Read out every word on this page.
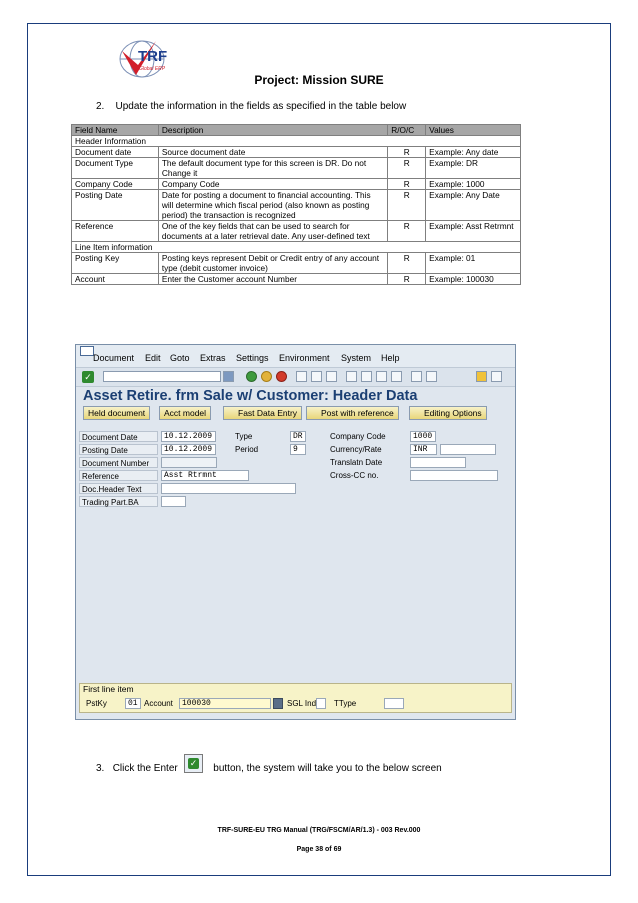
TRF
Global ERP
Project: Mission SURE
2. Update the information in the fields as specified in the table below
Field Name	Description	R/O/C	Values
Header Information			
Document date	Source document date	R	Example: Any date
Document Type	The default document type for this screen is DR. Do not Change it	R	Example: DR
Company Code	Company Code	R	Example: 1000
Posting Date	Date for posting a document to financial accounting. This will determine which fiscal period (also known as posting period) the transaction is recognized	R	Example: Any Date
Reference	One of the key fields that can be used to search for documents at a later retrieval date. Any user-defined text	R	Example: Asst Retrmnt
Line Item information			
Posting Key	Posting keys represent Debit or Credit entry of any account type (debit customer invoice)	R	Example: 01
Account	Enter the Customer account Number	R	Example: 100030
Document Edit Goto Extras Settings Environment System Help
✓
Asset Retire. frm Sale w/ Customer: Header Data
Held document	Acct model	Fast Data Entry	Post with reference	Editing Options
Document Date	10.12.2009	Type	DR	Company Code	1000
Posting Date	10.12.2009	Period	9	Currency/Rate	INR
Document Number	Translatn Date
Reference	Asst Rtrmnt	Cross-CC no.
Doc.Header Text
Trading Part.BA
First line item
PstKy	01 Account	100030	SGL Ind TType
3. Click the Enter	button, the system will take you to the below screen
✓
TRF-SURE-EU TRG Manual (TRG/FSCM/AR/1.3) - 003 Rev.000
Page 38 of 69
